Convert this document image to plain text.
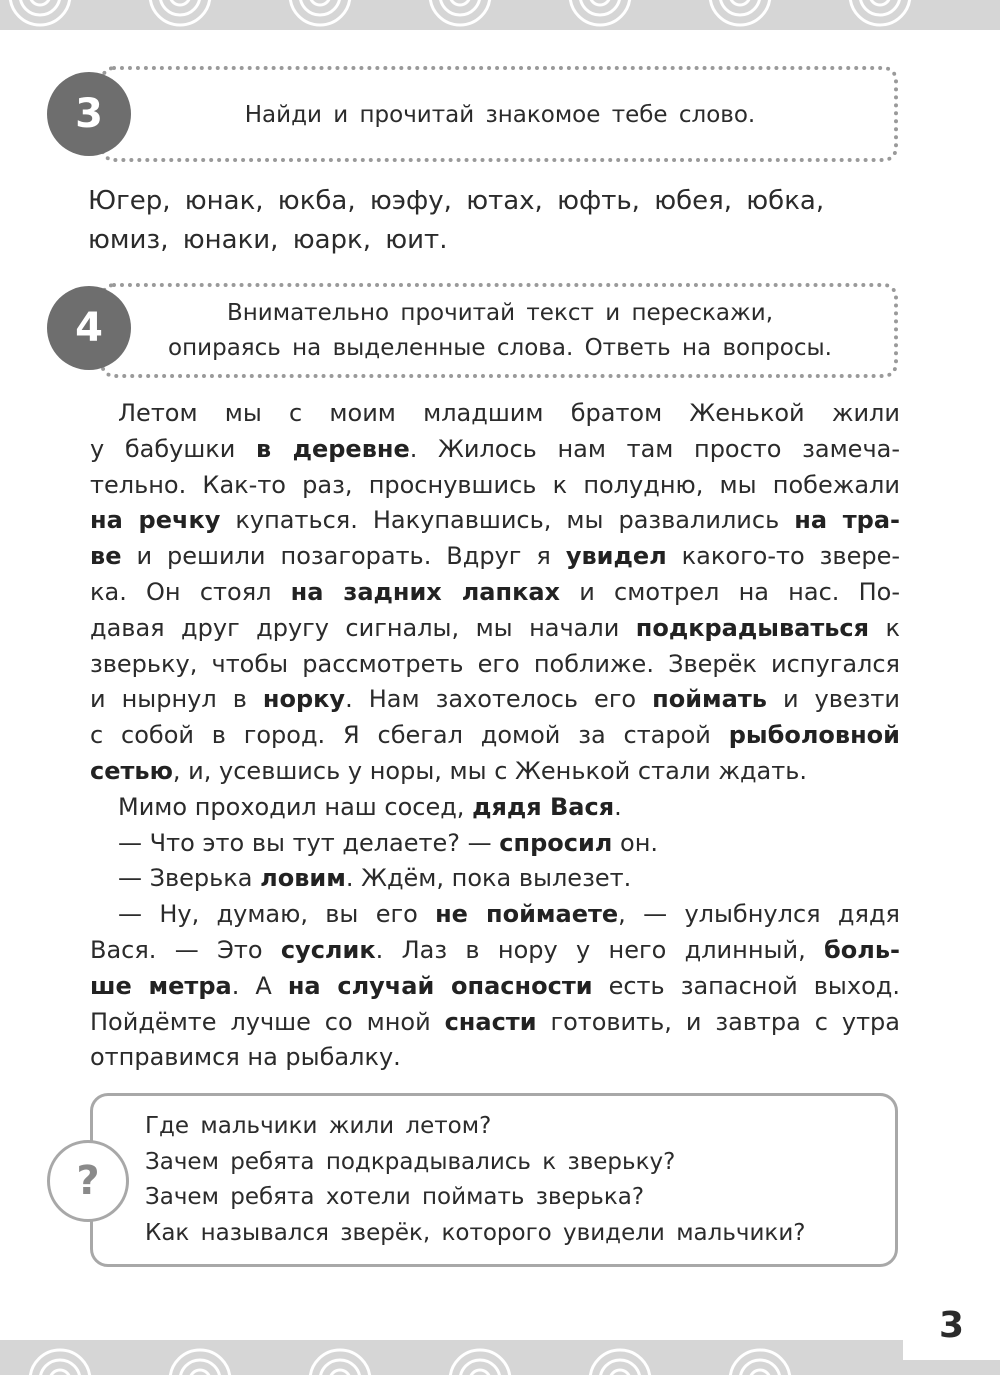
3	Найди и прочитай знакомое тебе слово.
Югер, юнак, юкба, юэфу, ютах, юфть, юбея, юбка,
юмиз, юнаки, юарк, юит.
4	Внимательно прочитай текст и перескажи,
опираясь на выделенные слова. Ответь на вопросы.
Летом мы с моим младшим братом Женькой жили
у бабушки в деревне. Жилось нам там просто замеча-
тельно. Как-то раз, проснувшись к полудню, мы побежали
на речку купаться. Накупавшись, мы развалились на тра-
ве и решили позагорать. Вдруг я увидел какого-то звере-
ка. Он стоял на задних лапках и смотрел на нас. По-
давая друг другу сигналы, мы начали подкрадываться к
зверьку, чтобы рассмотреть его поближе. Зверёк испугался
и нырнул в норку. Нам захотелось его поймать и увезти
с собой в город. Я сбегал домой за старой рыболовной
сетью, и, усевшись у норы, мы с Женькой стали ждать.
Мимо проходил наш сосед, дядя Вася.
— Что это вы тут делаете? — спросил он.
— Зверька ловим. Ждём, пока вылезет.
— Ну, думаю, вы его не поймаете, — улыбнулся дядя
Вася. — Это суслик. Лаз в нору у него длинный, боль-
ше метра. А на случай опасности есть запасной выход.
Пойдёмте лучше со мной снасти готовить, и завтра с утра
отправимся на рыбалку.
?
Где мальчики жили летом?
Зачем ребята подкрадывались к зверьку?
Зачем ребята хотели поймать зверька?
Как назывался зверёк, которого увидели мальчики?
3
